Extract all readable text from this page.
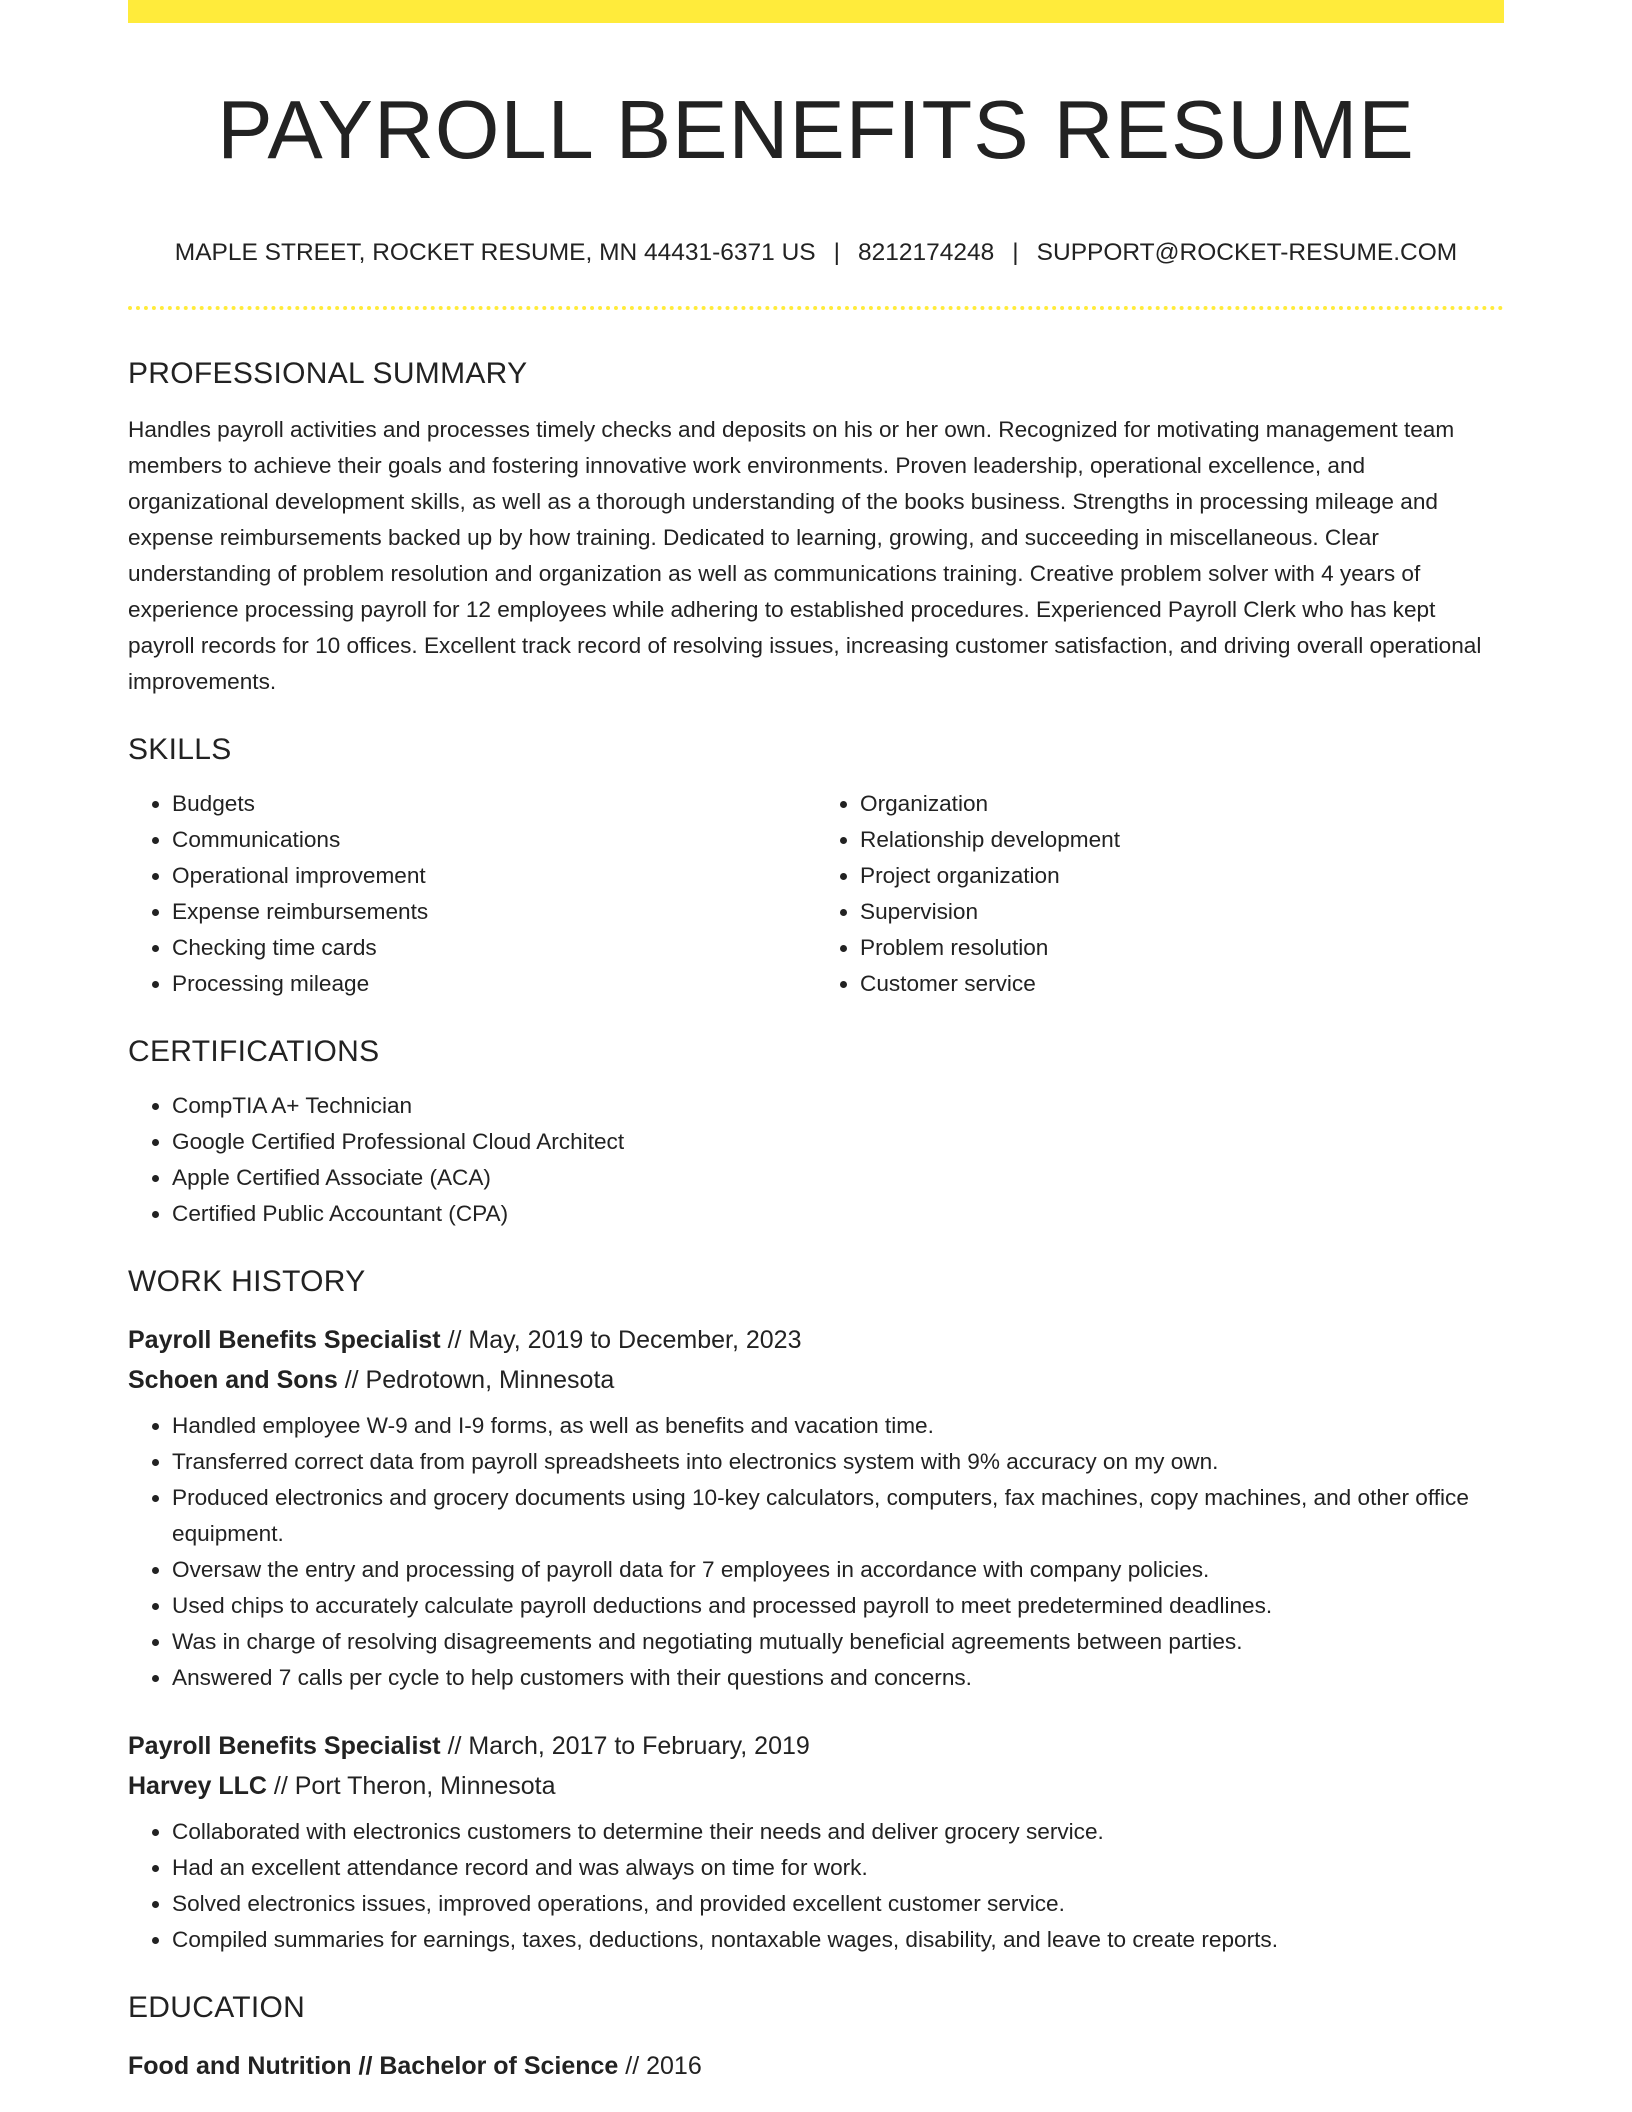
PAYROLL BENEFITS RESUME
MAPLE STREET, ROCKET RESUME, MN 44431-6371 US | 8212174248 | SUPPORT@ROCKET-RESUME.COM
PROFESSIONAL SUMMARY

Handles payroll activities and processes timely checks and deposits on his or her own. Recognized for motivating management team members to achieve their goals and fostering innovative work environments. Proven leadership, operational excellence, and organizational development skills, as well as a thorough understanding of the books business. Strengths in processing mileage and expense reimbursements backed up by how training. Dedicated to learning, growing, and succeeding in miscellaneous. Clear understanding of problem resolution and organization as well as communications training. Creative problem solver with 4 years of experience processing payroll for 12 employees while adhering to established procedures. Experienced Payroll Clerk who has kept payroll records for 10 offices. Excellent track record of resolving issues, increasing customer satisfaction, and driving overall operational improvements.

SKILLS
• Budgets
• Communications
• Operational improvement
• Expense reimbursements
• Checking time cards
• Processing mileage
• Organization
• Relationship development
• Project organization
• Supervision
• Problem resolution
• Customer service
CERTIFICATIONS
• CompTIA A+ Technician
• Google Certified Professional Cloud Architect
• Apple Certified Associate (ACA)
• Certified Public Accountant (CPA)
WORK HISTORY
Payroll Benefits Specialist // May, 2019 to December, 2023
Schoen and Sons // Pedrotown, Minnesota
• Handled employee W-9 and I-9 forms, as well as benefits and vacation time.
• Transferred correct data from payroll spreadsheets into electronics system with 9% accuracy on my own.
• Produced electronics and grocery documents using 10-key calculators, computers, fax machines, copy machines, and other office equipment.
• Oversaw the entry and processing of payroll data for 7 employees in accordance with company policies.
• Used chips to accurately calculate payroll deductions and processed payroll to meet predetermined deadlines.
• Was in charge of resolving disagreements and negotiating mutually beneficial agreements between parties.
• Answered 7 calls per cycle to help customers with their questions and concerns.
Payroll Benefits Specialist // March, 2017 to February, 2019
Harvey LLC // Port Theron, Minnesota
• Collaborated with electronics customers to determine their needs and deliver grocery service.
• Had an excellent attendance record and was always on time for work.
• Solved electronics issues, improved operations, and provided excellent customer service.
• Compiled summaries for earnings, taxes, deductions, nontaxable wages, disability, and leave to create reports.
EDUCATION
Food and Nutrition // Bachelor of Science // 2016
